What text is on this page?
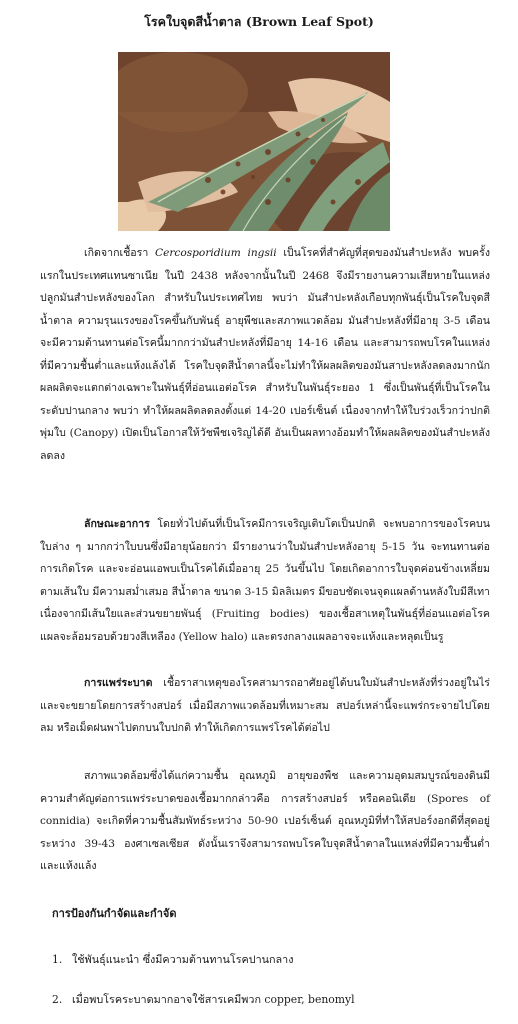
โรคใบจุดสีน้ำตาล (Brown Leaf Spot)

เกิดจากเชื้อรา Cercosporidium ingsii เป็นโรคที่สำคัญที่สุดของมันสำปะหลัง พบครั้งแรกในประเทศแทนซาเนีย ในปี 2438 หลังจากนั้นในปี 2468 จึงมีรายงานความเสียหายในแหล่งปลูกมันสำปะหลังของโลก สำหรับในประเทศไทย พบว่า มันสำปะหลังเกือบทุกพันธุ์เป็นโรคใบจุดสีน้ำตาล ความรุนแรงของโรคขึ้นกับพันธุ์ อายุพืชและสภาพแวดล้อม มันสำปะหลังที่มีอายุ 3-5 เดือน จะมีความต้านทานต่อโรคนี้มากกว่ามันสำปะหลังที่มีอายุ 14-16 เดือน และสามารถพบโรคในแหล่งที่มีความชื้นต่ำและแห้งแล้งได้ โรคใบจุดสีน้ำตาลนี้จะไม่ทำให้ผลผลิตของมันสาปะหลังลดลงมากนัก ผลผลิตจะแตกต่างเฉพาะในพันธุ์ที่อ่อนแอต่อโรค สำหรับในพันธุ์ระยอง 1 ซึ่งเป็นพันธุ์ที่เป็นโรคในระดับปานกลาง พบว่า ทำให้ผลผลิตลดลงตั้งแต่ 14-20 เปอร์เซ็นต์ เนื่องจากทำให้ใบร่วงเร็วกว่าปกติ พุ่มใบ (Canopy) เปิดเป็นโอกาสให้วัชพืชเจริญได้ดี อันเป็นผลทางอ้อมทำให้ผลผลิตของมันสำปะหลังลดลง

ลักษณะอาการ โดยทั่วไปต้นที่เป็นโรคมีการเจริญเติบโตเป็นปกติ จะพบอาการของโรคบนใบล่าง ๆ มากกว่าใบบนซึ่งมีอายุน้อยกว่า มีรายงานว่าใบมันสำปะหลังอายุ 5-15 วัน จะทนทานต่อการเกิดโรค และจะอ่อนแอพบเป็นโรคได้เมื่ออายุ 25 วันขึ้นไป โดยเกิดอาการใบจุดค่อนข้างเหลี่ยมตามเส้นใบ มีความสม่ำเสมอ สีน้ำตาล ขนาด 3-15 มิลลิเมตร มีขอบชัดเจนจุดแผลด้านหลังใบมีสีเทา เนื่องจากมีเส้นใยและส่วนขยายพันธุ์ (Fruiting bodies) ของเชื้อสาเหตุในพันธุ์ที่อ่อนแอต่อโรค แผลจะล้อมรอบด้วยวงสีเหลือง (Yellow halo) และตรงกลางแผลอาจจะแห้งและหลุดเป็นรู

การแพร่ระบาด เชื้อราสาเหตุของโรคสามารถอาศัยอยู่ได้บนใบมันสำปะหลังที่ร่วงอยู่ในไร่ และจะขยายโดยการสร้างสปอร์ เมื่อมีสภาพแวดล้อมที่เหมาะสม สปอร์เหล่านี้จะแพร่กระจายไปโดยลม หรือเม็ดฝนพาไปตกบนใบปกติ ทำให้เกิดการแพร่โรคได้ต่อไป

สภาพแวดล้อมซึ่งได้แก่ความชื้น อุณหภูมิ อายุของพืช และความอุดมสมบูรณ์ของดินมีความสำคัญต่อการแพร่ระบาดของเชื้อมากกล่าวคือ การสร้างสปอร์ หรือคอนิเดีย (Spores of connidia) จะเกิดที่ความชื้นสัมพัทธ์ระหว่าง 50-90 เปอร์เซ็นต์ อุณหภูมิที่ทำให้สปอร์งอกดีที่สุดอยู่ระหว่าง 39-43 องศาเซลเซียส ดังนั้นเราจึงสามารถพบโรคใบจุดสีน้ำตาลในแหล่งที่มีความชื้นต่ำและแห้งแล้ง

การป้องกันกำจัดและกำจัด
1. ใช้พันธุ์แนะนำ ซึ่งมีความต้านทานโรคปานกลาง
2. เมื่อพบโรคระบาดมากอาจใช้สารเคมีพวก copper, benomyl
